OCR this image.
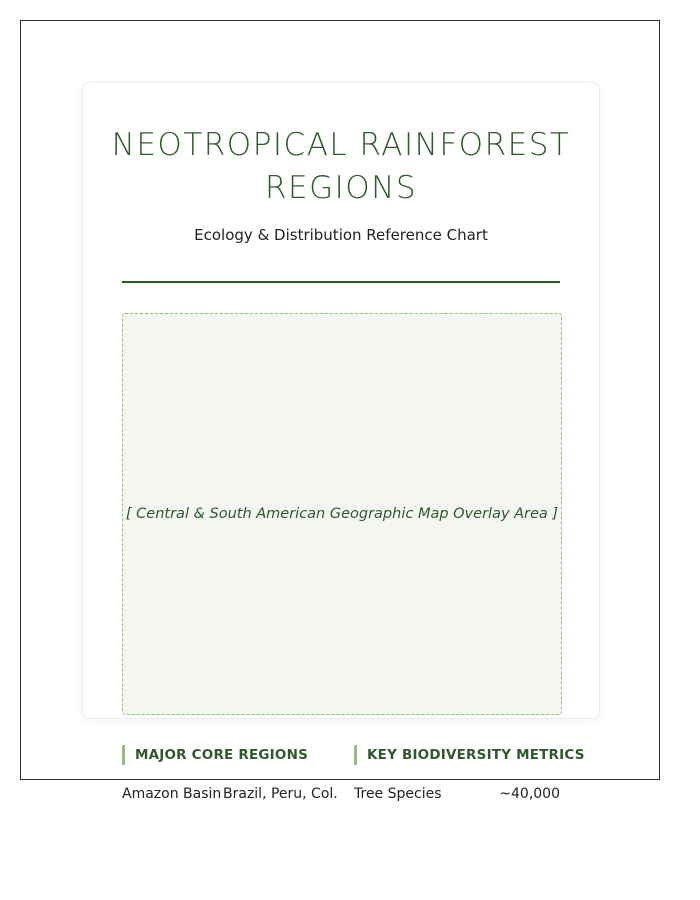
NEOTROPICAL RAINFOREST REGIONS
Ecology & Distribution Reference Chart
[ Central & South American Geographic Map Overlay Area ]
MAJOR CORE REGIONS	KEY BIODIVERSITY METRICS
Amazon Basin Brazil, Peru, Col. Tree Species	~40,000
